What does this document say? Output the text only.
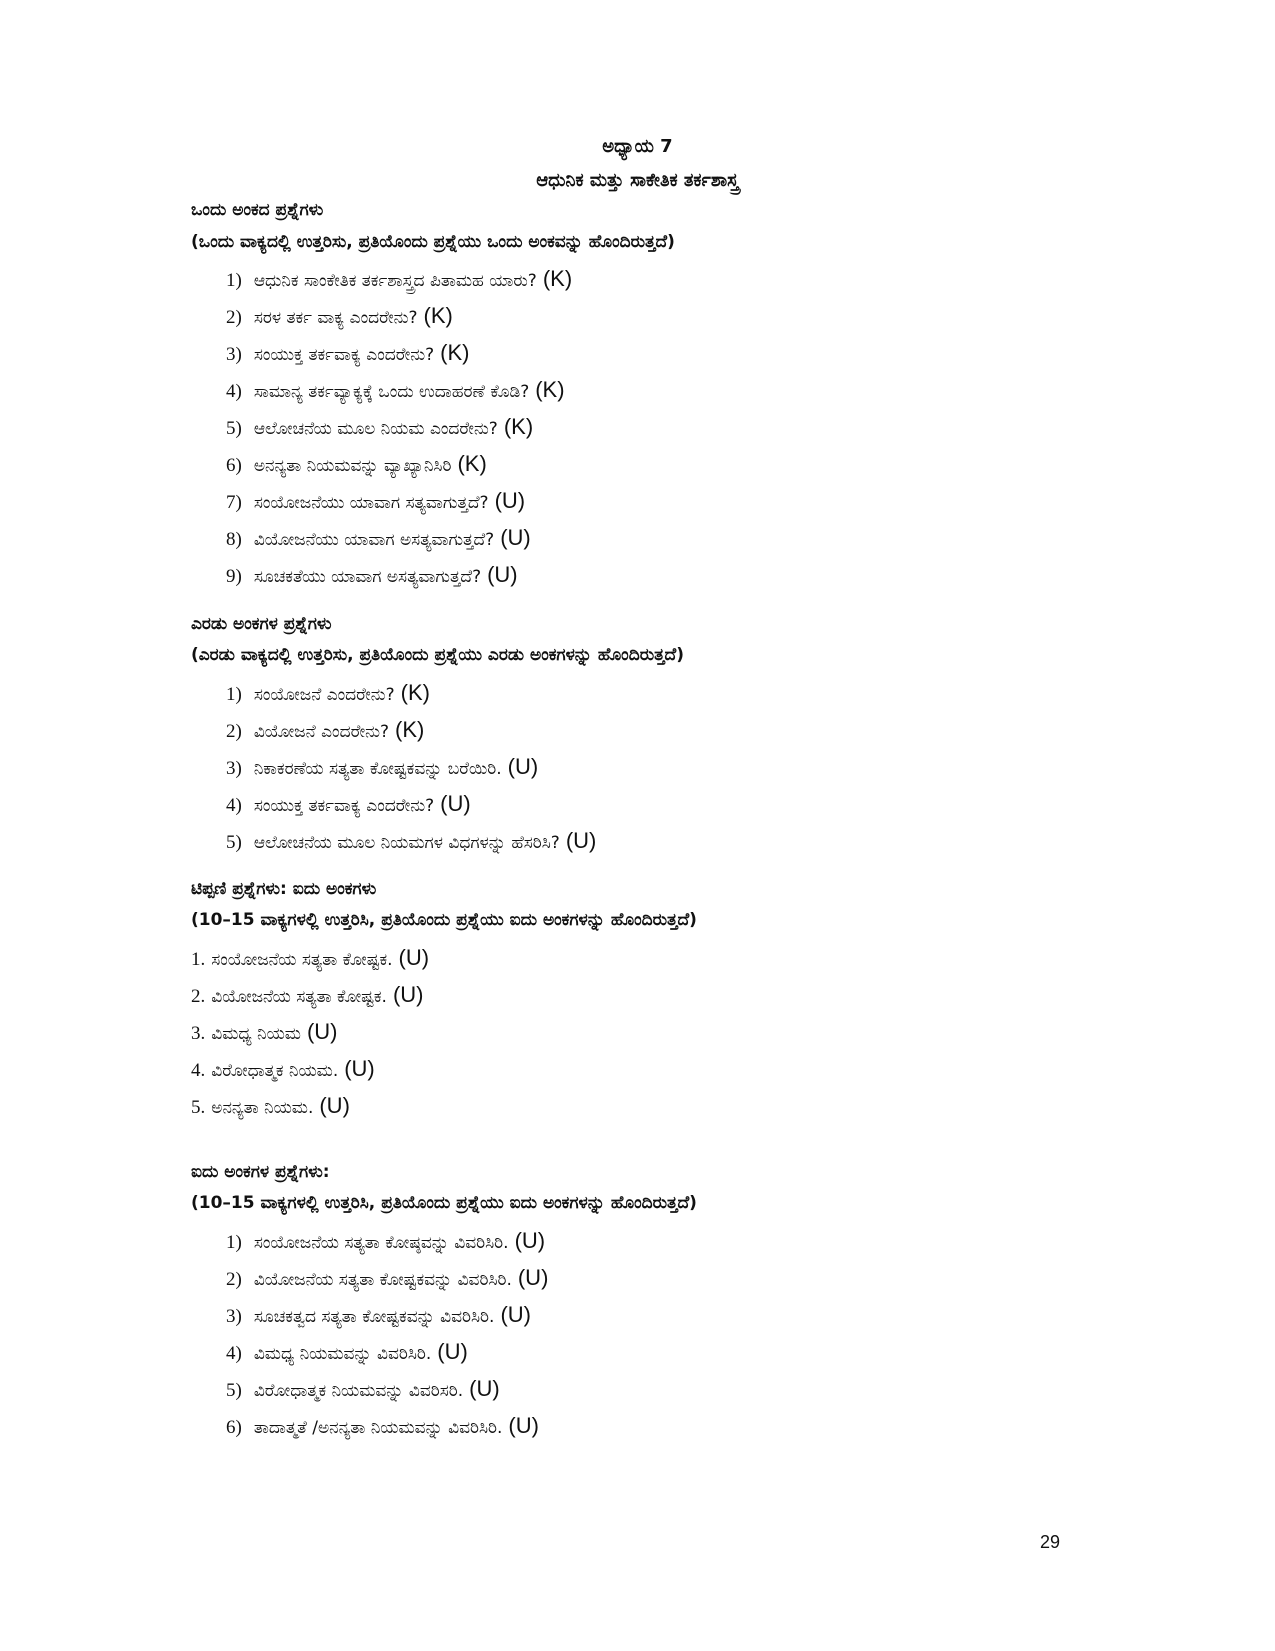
ಅಧ್ಯಾಯ 7
ಆಧುನಿಕ ಮತ್ತು ಸಾಕೇತಿಕ ತರ್ಕಶಾಸ್ತ್ರ
ಒಂದು ಅಂಕದ ಪ್ರಶ್ನೆಗಳು
(ಒಂದು ವಾಕ್ಯದಲ್ಲಿ ಉತ್ತರಿಸು, ಪ್ರತಿಯೊಂದು ಪ್ರಶ್ನೆಯು ಒಂದು ಅಂಕವನ್ನು ಹೊಂದಿರುತ್ತದೆ)
1) ಆಧುನಿಕ ಸಾಂಕೇತಿಕ ತರ್ಕಶಾಸ್ತ್ರದ ಪಿತಾಮಹ ಯಾರು? (K)
2) ಸರಳ ತರ್ಕ ವಾಕ್ಯ ಎಂದರೇನು? (K)
3) ಸಂಯುಕ್ತ ತರ್ಕವಾಕ್ಯ ಎಂದರೇನು? (K)
4) ಸಾಮಾನ್ಯ ತರ್ಕವ್ಯಾಕ್ಯಕ್ಕೆ ಒಂದು ಉದಾಹರಣೆ ಕೊಡಿ? (K)
5) ಆಲೋಚನೆಯ ಮೂಲ ನಿಯಮ ಎಂದರೇನು? (K)
6) ಅನನ್ಯತಾ ನಿಯಮವನ್ನು ವ್ಯಾಖ್ಯಾನಿಸಿರಿ (K)
7) ಸಂಯೋಜನೆಯು ಯಾವಾಗ ಸತ್ಯವಾಗುತ್ತದೆ? (U)
8) ವಿಯೋಜನೆಯು ಯಾವಾಗ ಅಸತ್ಯವಾಗುತ್ತದೆ? (U)
9) ಸೂಚಕತೆಯು ಯಾವಾಗ ಅಸತ್ಯವಾಗುತ್ತದೆ? (U)
ಎರಡು ಅಂಕಗಳ ಪ್ರಶ್ನೆಗಳು
(ಎರಡು ವಾಕ್ಯದಲ್ಲಿ ಉತ್ತರಿಸು, ಪ್ರತಿಯೊಂದು ಪ್ರಶ್ನೆಯು ಎರಡು ಅಂಕಗಳನ್ನು ಹೊಂದಿರುತ್ತದೆ)
1) ಸಂಯೋಜನೆ ಎಂದರೇನು? (K)
2) ವಿಯೋಜನೆ ಎಂದರೇನು? (K)
3) ನಿಕಾಕರಣೆಯ ಸತ್ಯತಾ ಕೋಷ್ಟಕವನ್ನು ಬರೆಯಿರಿ. (U)
4) ಸಂಯುಕ್ತ ತರ್ಕವಾಕ್ಯ ಎಂದರೇನು? (U)
5) ಆಲೋಚನೆಯ ಮೂಲ ನಿಯಮಗಳ ವಿಧಗಳನ್ನು ಹೆಸರಿಸಿ? (U)
ಟಿಪ್ಪಣಿ ಪ್ರಶ್ನೆಗಳು: ಐದು ಅಂಕಗಳು
(10–15 ವಾಕ್ಯಗಳಲ್ಲಿ ಉತ್ತರಿಸಿ, ಪ್ರತಿಯೊಂದು ಪ್ರಶ್ನೆಯು ಐದು ಅಂಕಗಳನ್ನು ಹೊಂದಿರುತ್ತದೆ)
1. ಸಂಯೋಜನೆಯ ಸತ್ಯತಾ ಕೋಷ್ಟಕ. (U)
2. ವಿಯೋಜನೆಯ ಸತ್ಯತಾ ಕೋಷ್ಟಕ. (U)
3. ವಿಮಧ್ಯ ನಿಯಮ (U)
4. ವಿರೋಧಾತ್ಮಕ ನಿಯಮ. (U)
5. ಅನನ್ಯತಾ ನಿಯಮ. (U)
ಐದು ಅಂಕಗಳ ಪ್ರಶ್ನೆಗಳು:
(10–15 ವಾಕ್ಯಗಳಲ್ಲಿ ಉತ್ತರಿಸಿ, ಪ್ರತಿಯೊಂದು ಪ್ರಶ್ನೆಯು ಐದು ಅಂಕಗಳನ್ನು ಹೊಂದಿರುತ್ತದೆ)
1) ಸಂಯೋಜನೆಯ ಸತ್ಯತಾ ಕೋಷ್ಠವನ್ನು ವಿವರಿಸಿರಿ. (U)
2) ವಿಯೋಜನೆಯ ಸತ್ಯತಾ ಕೋಷ್ಟಕವನ್ನು ವಿವರಿಸಿರಿ. (U)
3) ಸೂಚಕತ್ವದ ಸತ್ಯತಾ ಕೋಷ್ಟಕವನ್ನು ವಿವರಿಸಿರಿ. (U)
4) ವಿಮಧ್ಯ ನಿಯಮವನ್ನು ವಿವರಿಸಿರಿ. (U)
5) ವಿರೋಧಾತ್ಮಕ ನಿಯಮವನ್ನು ವಿವರಿಸರಿ. (U)
6) ತಾದಾತ್ಮತೆ /ಅನನ್ಯತಾ ನಿಯಮವನ್ನು ವಿವರಿಸಿರಿ. (U)
29
